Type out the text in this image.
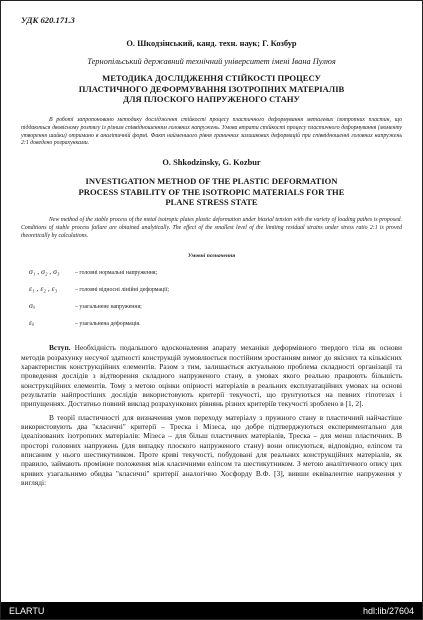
УДК 620.171.3
О. Шкодзінський, канд. техн. наук; Г. Козбур
Тернопільський державний технічний університет імені Івана Пулюя
МЕТОДИКА ДОСЛІДЖЕННЯ СТІЙКОСТІ ПРОЦЕСУ
ПЛАСТИЧНОГО ДЕФОРМУВАННЯ ІЗОТРОПНИХ МАТЕРІАЛІВ
ДЛЯ ПЛОСКОГО НАПРУЖЕНОГО СТАНУ
В роботі запропоновано методику дослідження стійкості процесу пластичного деформування металевих ізотропних пластин, що піддаються двовісному розтягу із різним співвідношенням головних напружень. Умова втрати стійкості процесу пластичного деформування (моменту утворення шийки) отримано в аналітичній формі. Факт найменшого рівня граничних залишкових деформацій при співвідношенні головних напружень 2:1 доведено розрахунками.
O. Shkodzinsky, G. Kozbur
INVESTIGATION METHOD OF THE PLASTIC DEFORMATION
PROCESS STABILITY OF THE ISOTROPIC MATERIALS FOR THE
PLANE STRESS STATE
New method of the stable process of the metal isotropic plates plastic deformation under biaxial tension with the variety of loading pathes is proposed. Conditions of stable process failure are obtained analytically. The effect of the smallest level of the limiting residual strains under stress ratio 2:1 is proved theoretically by calculations.
Умовні позначення
σ₁ , σ₂ , σ₃	– головні нормальні напруження;
ε₁ , ε₂ , ε₃	– головні відносні лінійні деформації;
σᵢᵢ	– узагальнене напруження;
εᵢᵢ	– узагальнена деформація.

Вступ. Необхідність подальшого вдосконалення апарату механіки деформівного твердого тіла як основи методів розрахунку несучої здатності конструкцій зумовлюється постійним зростанням вимог до якісних та кількісних характеристик конструкційних елементів. Разом з тим, залишається актуальною проблема складності організації та проведення дослідів з відтворення складного напруженого стану, в умовах якого реально працюють більшість конструкційних елементів. Тому з метою оцінки опірності матеріалів в реальних експлуатаційних умовах на основі результатів найпростіших дослідів використовують критерії текучості, що ґрунтуються на певних гіпотезах і припущеннях. Достатньо повний виклад розрахункових рівнянь різних критеріїв текучості зроблено в [1, 2].

В теорії пластичності для визначення умов переходу матеріалу з пружного стану в пластичний найчастіше використовують два "класичні" критерії – Треска і Мізеса, що добре підтверджуються експериментально для ідеалізованих ізотропних матеріалів: Мізеса – для більш пластичних матеріалів, Треска – для менш пластичних. В просторі головних напружень (для випадку плоского напруженого стану) вони описуються, відповідно, еліпсом та вписаним у нього шестикутником. Проте криві текучості, побудовані для реальних конструкційних матеріалів, як правило, займають проміжне положення між класичними еліпсом та шестикутником. З метою аналітичного опису цих кривих узагальнимо обидва "класичні" критерії аналогічно Хосфорду В.Ф. [3], вивши еквівалентне напруження у вигляді:

ELARTU	hdl:lib/27604
